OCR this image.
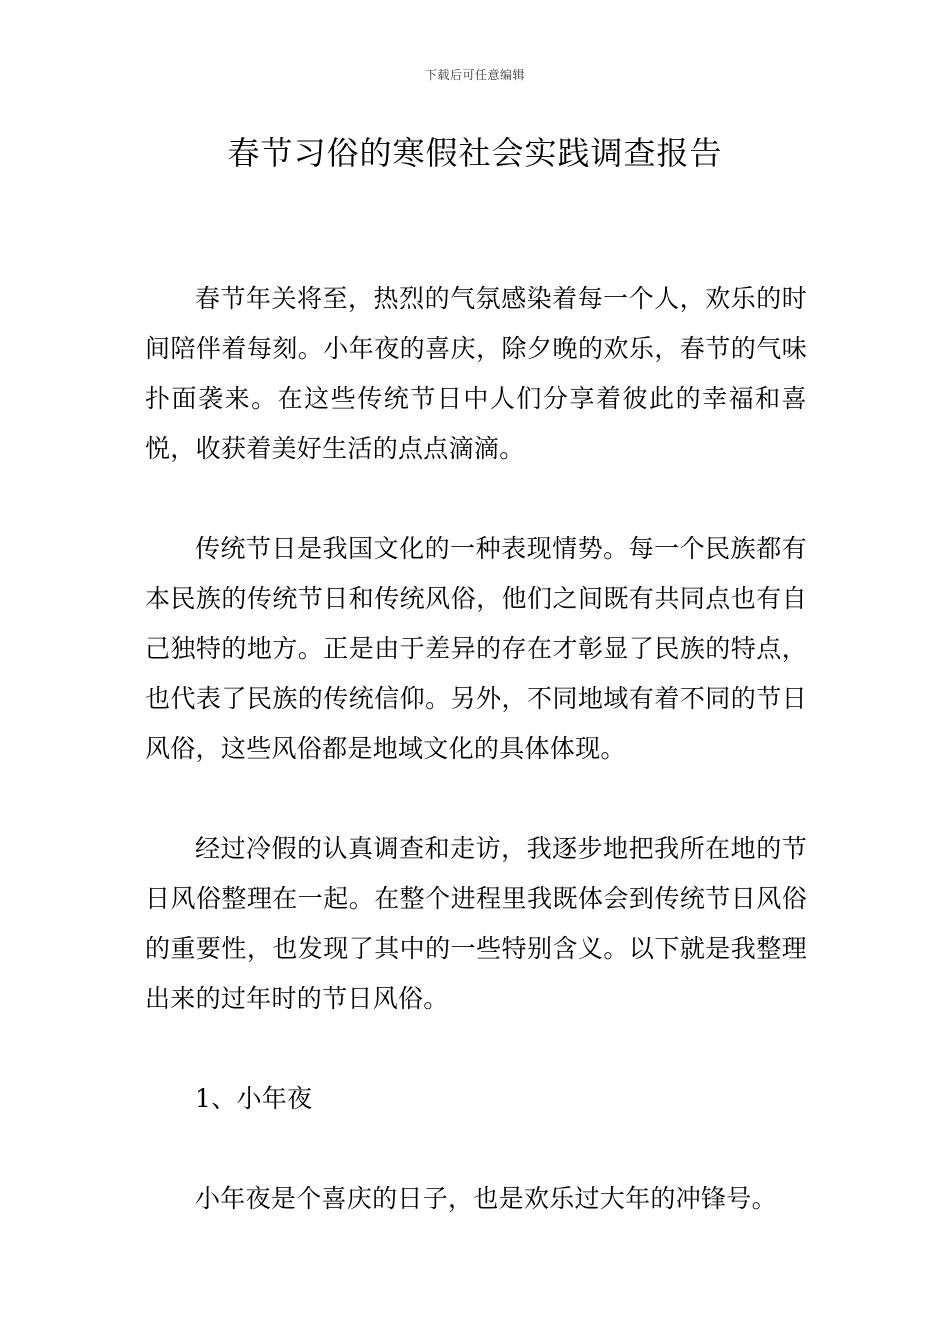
下载后可任意编辑
春节习俗的寒假社会实践调查报告

春节年关将至，热烈的气氛感染着每一个人，欢乐的时间陪伴着每刻。小年夜的喜庆，除夕晚的欢乐，春节的气味扑面袭来。在这些传统节日中人们分享着彼此的幸福和喜悦，收获着美好生活的点点滴滴。

传统节日是我国文化的一种表现情势。每一个民族都有本民族的传统节日和传统风俗，他们之间既有共同点也有自己独特的地方。正是由于差异的存在才彰显了民族的特点，也代表了民族的传统信仰。另外，不同地域有着不同的节日风俗，这些风俗都是地域文化的具体体现。

经过冷假的认真调查和走访，我逐步地把我所在地的节日风俗整理在一起。在整个进程里我既体会到传统节日风俗的重要性，也发现了其中的一些特别含义。以下就是我整理出来的过年时的节日风俗。

1、小年夜

小年夜是个喜庆的日子，也是欢乐过大年的冲锋号。
